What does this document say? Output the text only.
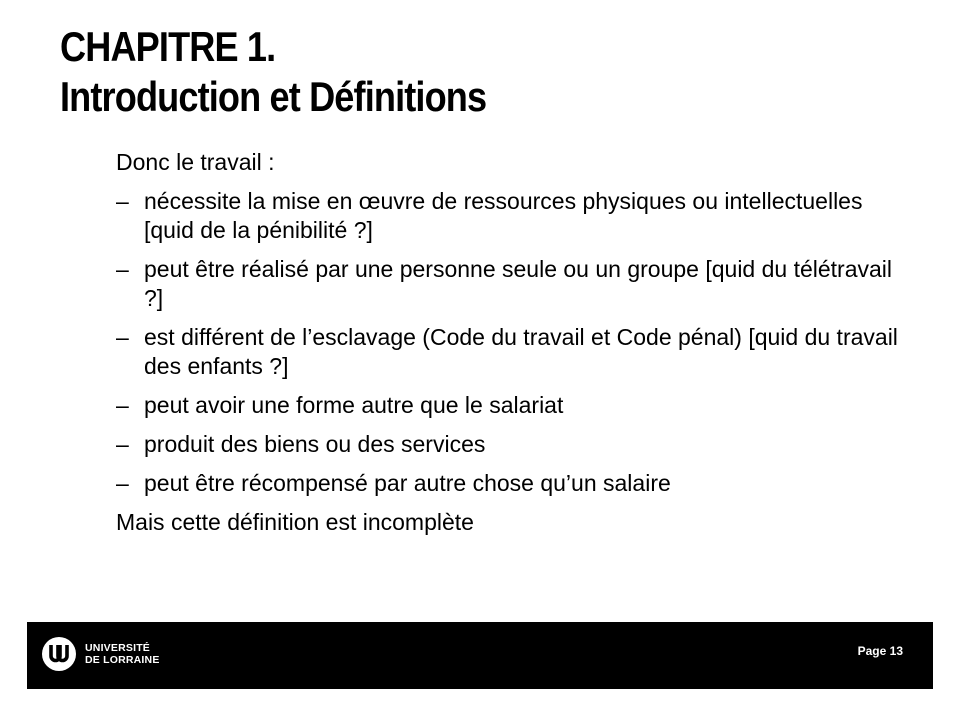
CHAPITRE 1.
Introduction et Définitions

Donc le travail :

– nécessite la mise en œuvre de ressources physiques ou intellectuelles [quid de la pénibilité ?]
– peut être réalisé par une personne seule ou un groupe [quid du télétravail ?]
– est différent de l’esclavage (Code du travail et Code pénal) [quid du travail des enfants ?]
– peut avoir une forme autre que le salariat
– produit des biens ou des services
– peut être récompensé par autre chose qu’un salaire

Mais cette définition est incomplète

UNIVERSITÉ
DE LORRAINE
Page 13
